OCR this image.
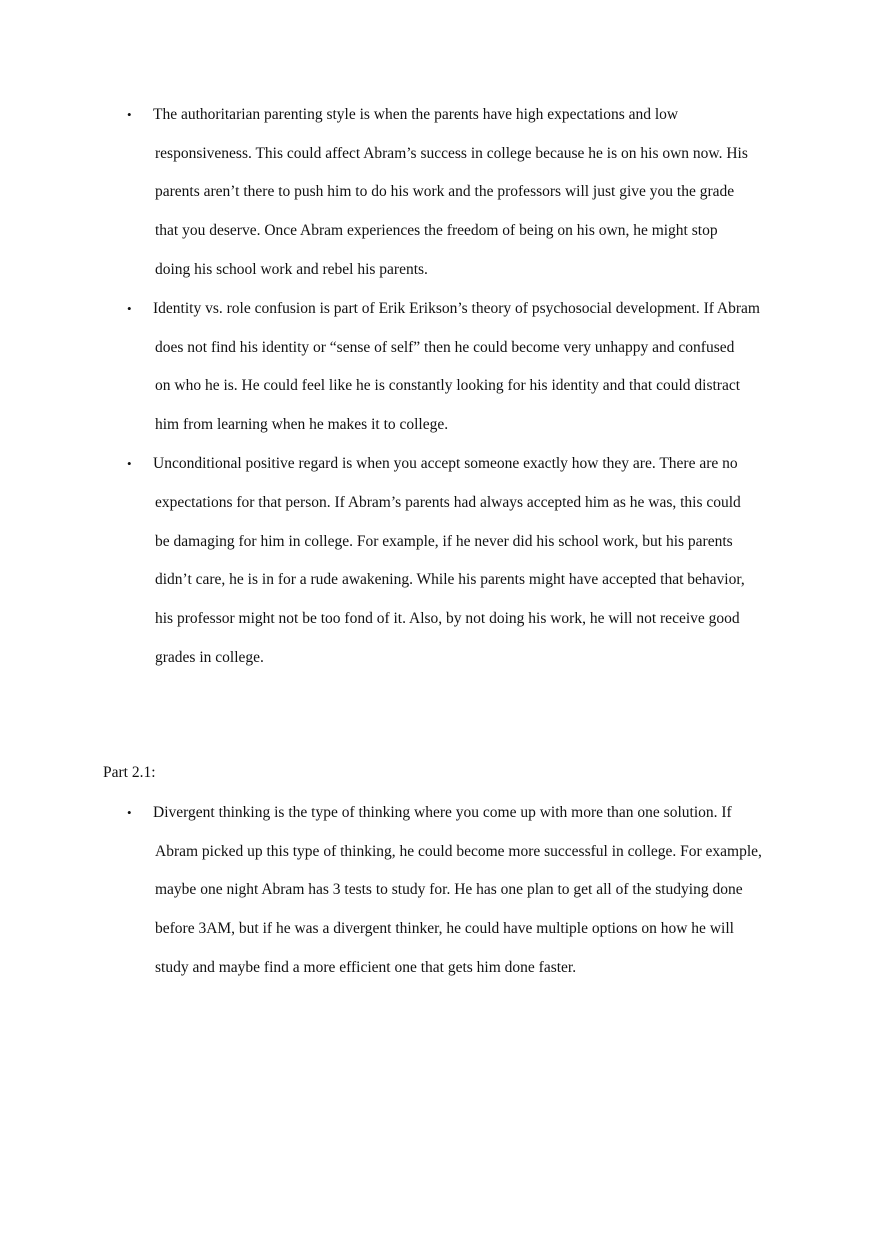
• The authoritarian parenting style is when the parents have high expectations and low
responsiveness. This could affect Abram’s success in college because he is on his own now. His
parents aren’t there to push him to do his work and the professors will just give you the grade
that you deserve. Once Abram experiences the freedom of being on his own, he might stop
doing his school work and rebel his parents.
• Identity vs. role confusion is part of Erik Erikson’s theory of psychosocial development. If Abram
does not find his identity or “sense of self” then he could become very unhappy and confused
on who he is. He could feel like he is constantly looking for his identity and that could distract
him from learning when he makes it to college.
• Unconditional positive regard is when you accept someone exactly how they are. There are no
expectations for that person. If Abram’s parents had always accepted him as he was, this could
be damaging for him in college. For example, if he never did his school work, but his parents
didn’t care, he is in for a rude awakening. While his parents might have accepted that behavior,
his professor might not be too fond of it. Also, by not doing his work, he will not receive good
grades in college.
Part 2.1:
• Divergent thinking is the type of thinking where you come up with more than one solution. If
Abram picked up this type of thinking, he could become more successful in college. For example,
maybe one night Abram has 3 tests to study for. He has one plan to get all of the studying done
before 3AM, but if he was a divergent thinker, he could have multiple options on how he will
study and maybe find a more efficient one that gets him done faster.
